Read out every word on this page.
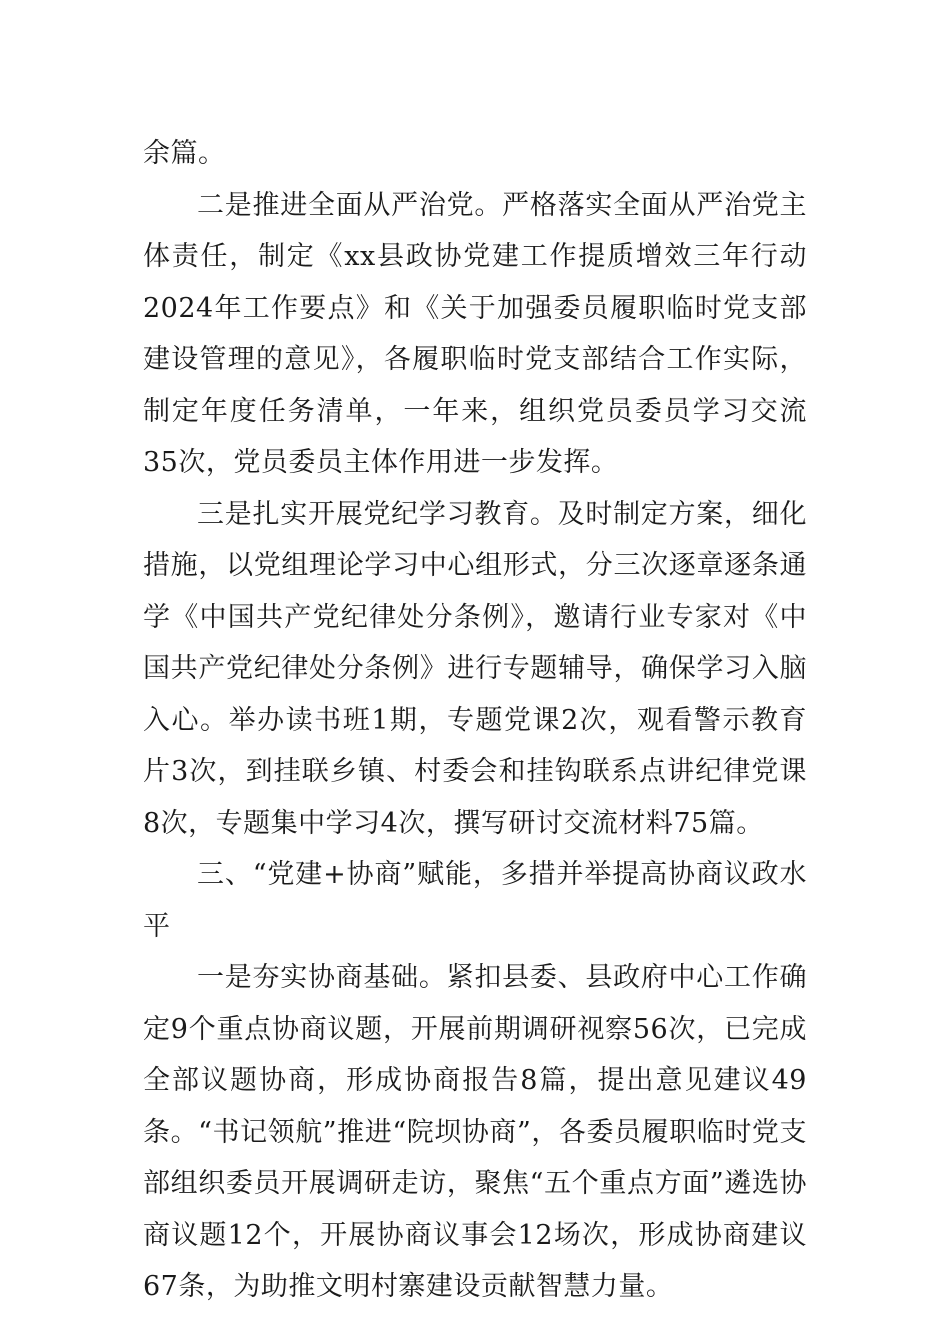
余篇。

二是推进全面从严治党。严格落实全面从严治党主体责任，制定《xx县政协党建工作提质增效三年行动2024年工作要点》和《关于加强委员履职临时党支部建设管理的意见》，各履职临时党支部结合工作实际，制定年度任务清单，一年来，组织党员委员学习交流35次，党员委员主体作用进一步发挥。

三是扎实开展党纪学习教育。及时制定方案，细化措施，以党组理论学习中心组形式，分三次逐章逐条通学《中国共产党纪律处分条例》，邀请行业专家对《中国共产党纪律处分条例》进行专题辅导，确保学习入脑入心。举办读书班1期，专题党课2次，观看警示教育片3次，到挂联乡镇、村委会和挂钩联系点讲纪律党课8次，专题集中学习4次，撰写研讨交流材料75篇。

三、“党建+协商”赋能，多措并举提高协商议政水平

一是夯实协商基础。紧扣县委、县政府中心工作确定9个重点协商议题，开展前期调研视察56次，已完成全部议题协商，形成协商报告8篇，提出意见建议49条。“书记领航”推进“院坝协商”，各委员履职临时党支部组织委员开展调研走访，聚焦“五个重点方面”遴选协商议题12个，开展协商议事会12场次，形成协商建议67条，为助推文明村寨建设贡献智慧力量。
